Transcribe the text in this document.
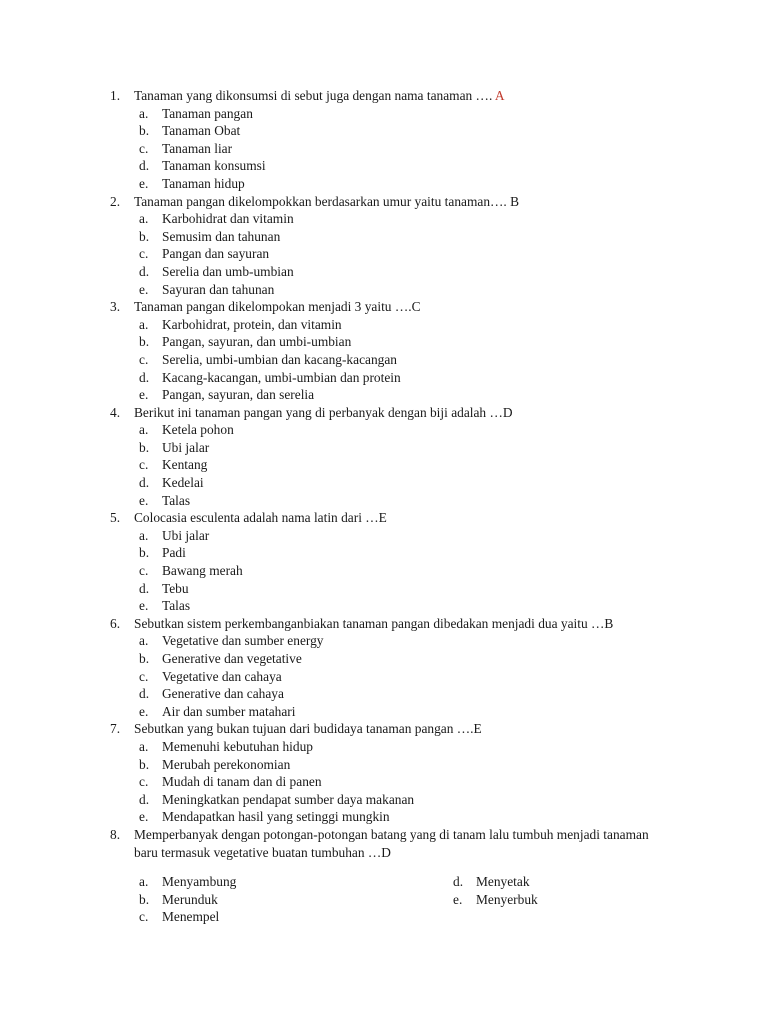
1. Tanaman yang dikonsumsi di sebut juga dengan nama tanaman …. A
a. Tanaman pangan
b. Tanaman Obat
c. Tanaman liar
d. Tanaman konsumsi
e. Tanaman hidup
2. Tanaman pangan dikelompokkan berdasarkan umur yaitu tanaman…. B
a. Karbohidrat dan vitamin
b. Semusim dan tahunan
c. Pangan dan sayuran
d. Serelia dan umb-umbian
e. Sayuran dan tahunan
3. Tanaman pangan dikelompokan menjadi 3 yaitu ….C
a. Karbohidrat, protein, dan vitamin
b. Pangan, sayuran, dan umbi-umbian
c. Serelia, umbi-umbian dan kacang-kacangan
d. Kacang-kacangan, umbi-umbian dan protein
e. Pangan, sayuran, dan serelia
4. Berikut ini tanaman pangan yang di perbanyak dengan biji adalah …D
a. Ketela pohon
b. Ubi jalar
c. Kentang
d. Kedelai
e. Talas
5. Colocasia esculenta adalah nama latin dari …E
a. Ubi jalar
b. Padi
c. Bawang merah
d. Tebu
e. Talas
6. Sebutkan sistem perkembanganbiakan tanaman pangan dibedakan menjadi dua yaitu …B
a. Vegetative dan sumber energy
b. Generative dan vegetative
c. Vegetative dan cahaya
d. Generative dan cahaya
e. Air dan sumber matahari
7. Sebutkan yang bukan tujuan dari budidaya tanaman pangan ….E
a. Memenuhi kebutuhan hidup
b. Merubah perekonomian
c. Mudah di tanam dan di panen
d. Meningkatkan pendapat sumber daya makanan
e. Mendapatkan hasil yang setinggi mungkin
8. Memperbanyak dengan potongan-potongan batang yang di tanam lalu tumbuh menjadi tanaman baru termasuk vegetative buatan tumbuhan …D
a. Menyambung
b. Merunduk
c. Menempel
d. Menyetak
e. Menyerbuk
